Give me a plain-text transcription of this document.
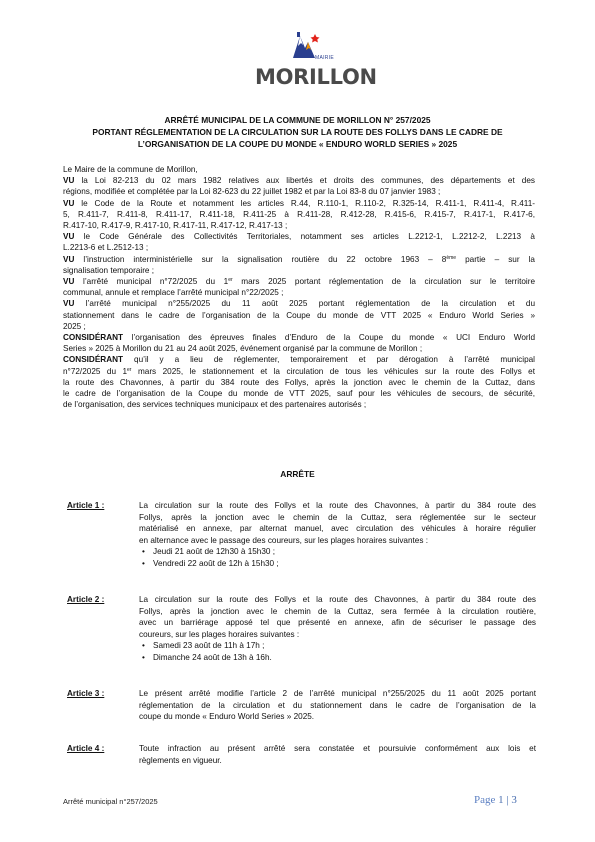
MAIRIE
MORILLON
ARRÊTÉ MUNICIPAL DE LA COMMUNE DE MORILLON N° 257/2025
PORTANT RÉGLEMENTATION DE LA CIRCULATION SUR LA ROUTE DES FOLLYS DANS LE CADRE DE
L’ORGANISATION DE LA COUPE DU MONDE « ENDURO WORLD SERIES » 2025
Le Maire de la commune de Morillon,
VU la Loi 82-213 du 02 mars 1982 relatives aux libertés et droits des communes, des départements et des
régions, modifiée et complétée par la Loi 82-623 du 22 juillet 1982 et par la Loi 83-8 du 07 janvier 1983 ;
VU le Code de la Route et notamment les articles R.44, R.110-1, R.110-2, R.325-14, R.411-1, R.411-4, R.411-
5, R.411-7, R.411-8, R.411-17, R.411-18, R.411-25 à R.411-28, R.412-28, R.415-6, R.415-7, R.417-1, R.417-6,
R.417-10, R.417-9, R.417-10, R.417-11, R.417-12, R.417-13 ;
VU le Code Générale des Collectivités Territoriales, notamment ses articles L.2212-1, L.2212-2, L.2213 à
L.2213-6 et L.2512-13 ;
VU l’instruction interministérielle sur la signalisation routière du 22 octobre 1963 – 8ème partie – sur la
signalisation temporaire ;
VU l’arrêté municipal n°72/2025 du 1er mars 2025 portant réglementation de la circulation sur le territoire
communal, annule et remplace l’arrêté municipal n°22/2025 ;
VU l’arrêté municipal n°255/2025 du 11 août 2025 portant réglementation de la circulation et du
stationnement dans le cadre de l’organisation de la Coupe du monde de VTT 2025 « Enduro World Series »
2025 ;
CONSIDÉRANT l’organisation des épreuves finales d’Enduro de la Coupe du monde « UCI Enduro World
Series » 2025 à Morillon du 21 au 24 août 2025, événement organisé par la commune de Morillon ;
CONSIDÉRANT qu’il y a lieu de réglementer, temporairement et par dérogation à l’arrêté municipal
n°72/2025 du 1er mars 2025, le stationnement et la circulation de tous les véhicules sur la route des Follys et
la route des Chavonnes, à partir du 384 route des Follys, après la jonction avec le chemin de la Cuttaz, dans
le cadre de l’organisation de la Coupe du monde de VTT 2025, sauf pour les véhicules de secours, de sécurité,
de l’organisation, des services techniques municipaux et des partenaires autorisés ;
ARRÊTE
Article 1 :	La circulation sur la route des Follys et la route des Chavonnes, à partir du 384 route des
Follys, après la jonction avec le chemin de la Cuttaz, sera réglementée sur le secteur
matérialisé en annexe, par alternat manuel, avec circulation des véhicules à horaire régulier
en alternance avec le passage des coureurs, sur les plages horaires suivantes :
• Jeudi 21 août de 12h30 à 15h30 ;
• Vendredi 22 août de 12h à 15h30 ;
Article 2 :	La circulation sur la route des Follys et la route des Chavonnes, à partir du 384 route des
Follys, après la jonction avec le chemin de la Cuttaz, sera fermée à la circulation routière,
avec un barriérage apposé tel que présenté en annexe, afin de sécuriser le passage des
coureurs, sur les plages horaires suivantes :
• Samedi 23 août de 11h à 17h ;
• Dimanche 24 août de 13h à 16h.
Article 3 :	Le présent arrêté modifie l’article 2 de l’arrêté municipal n°255/2025 du 11 août 2025 portant
réglementation de la circulation et du stationnement dans le cadre de l’organisation de la
coupe du monde « Enduro World Series » 2025.
Article 4 :	Toute infraction au présent arrêté sera constatée et poursuivie conformément aux lois et
règlements en vigueur.
Arrêté municipal n°257/2025	Page 1 | 3
